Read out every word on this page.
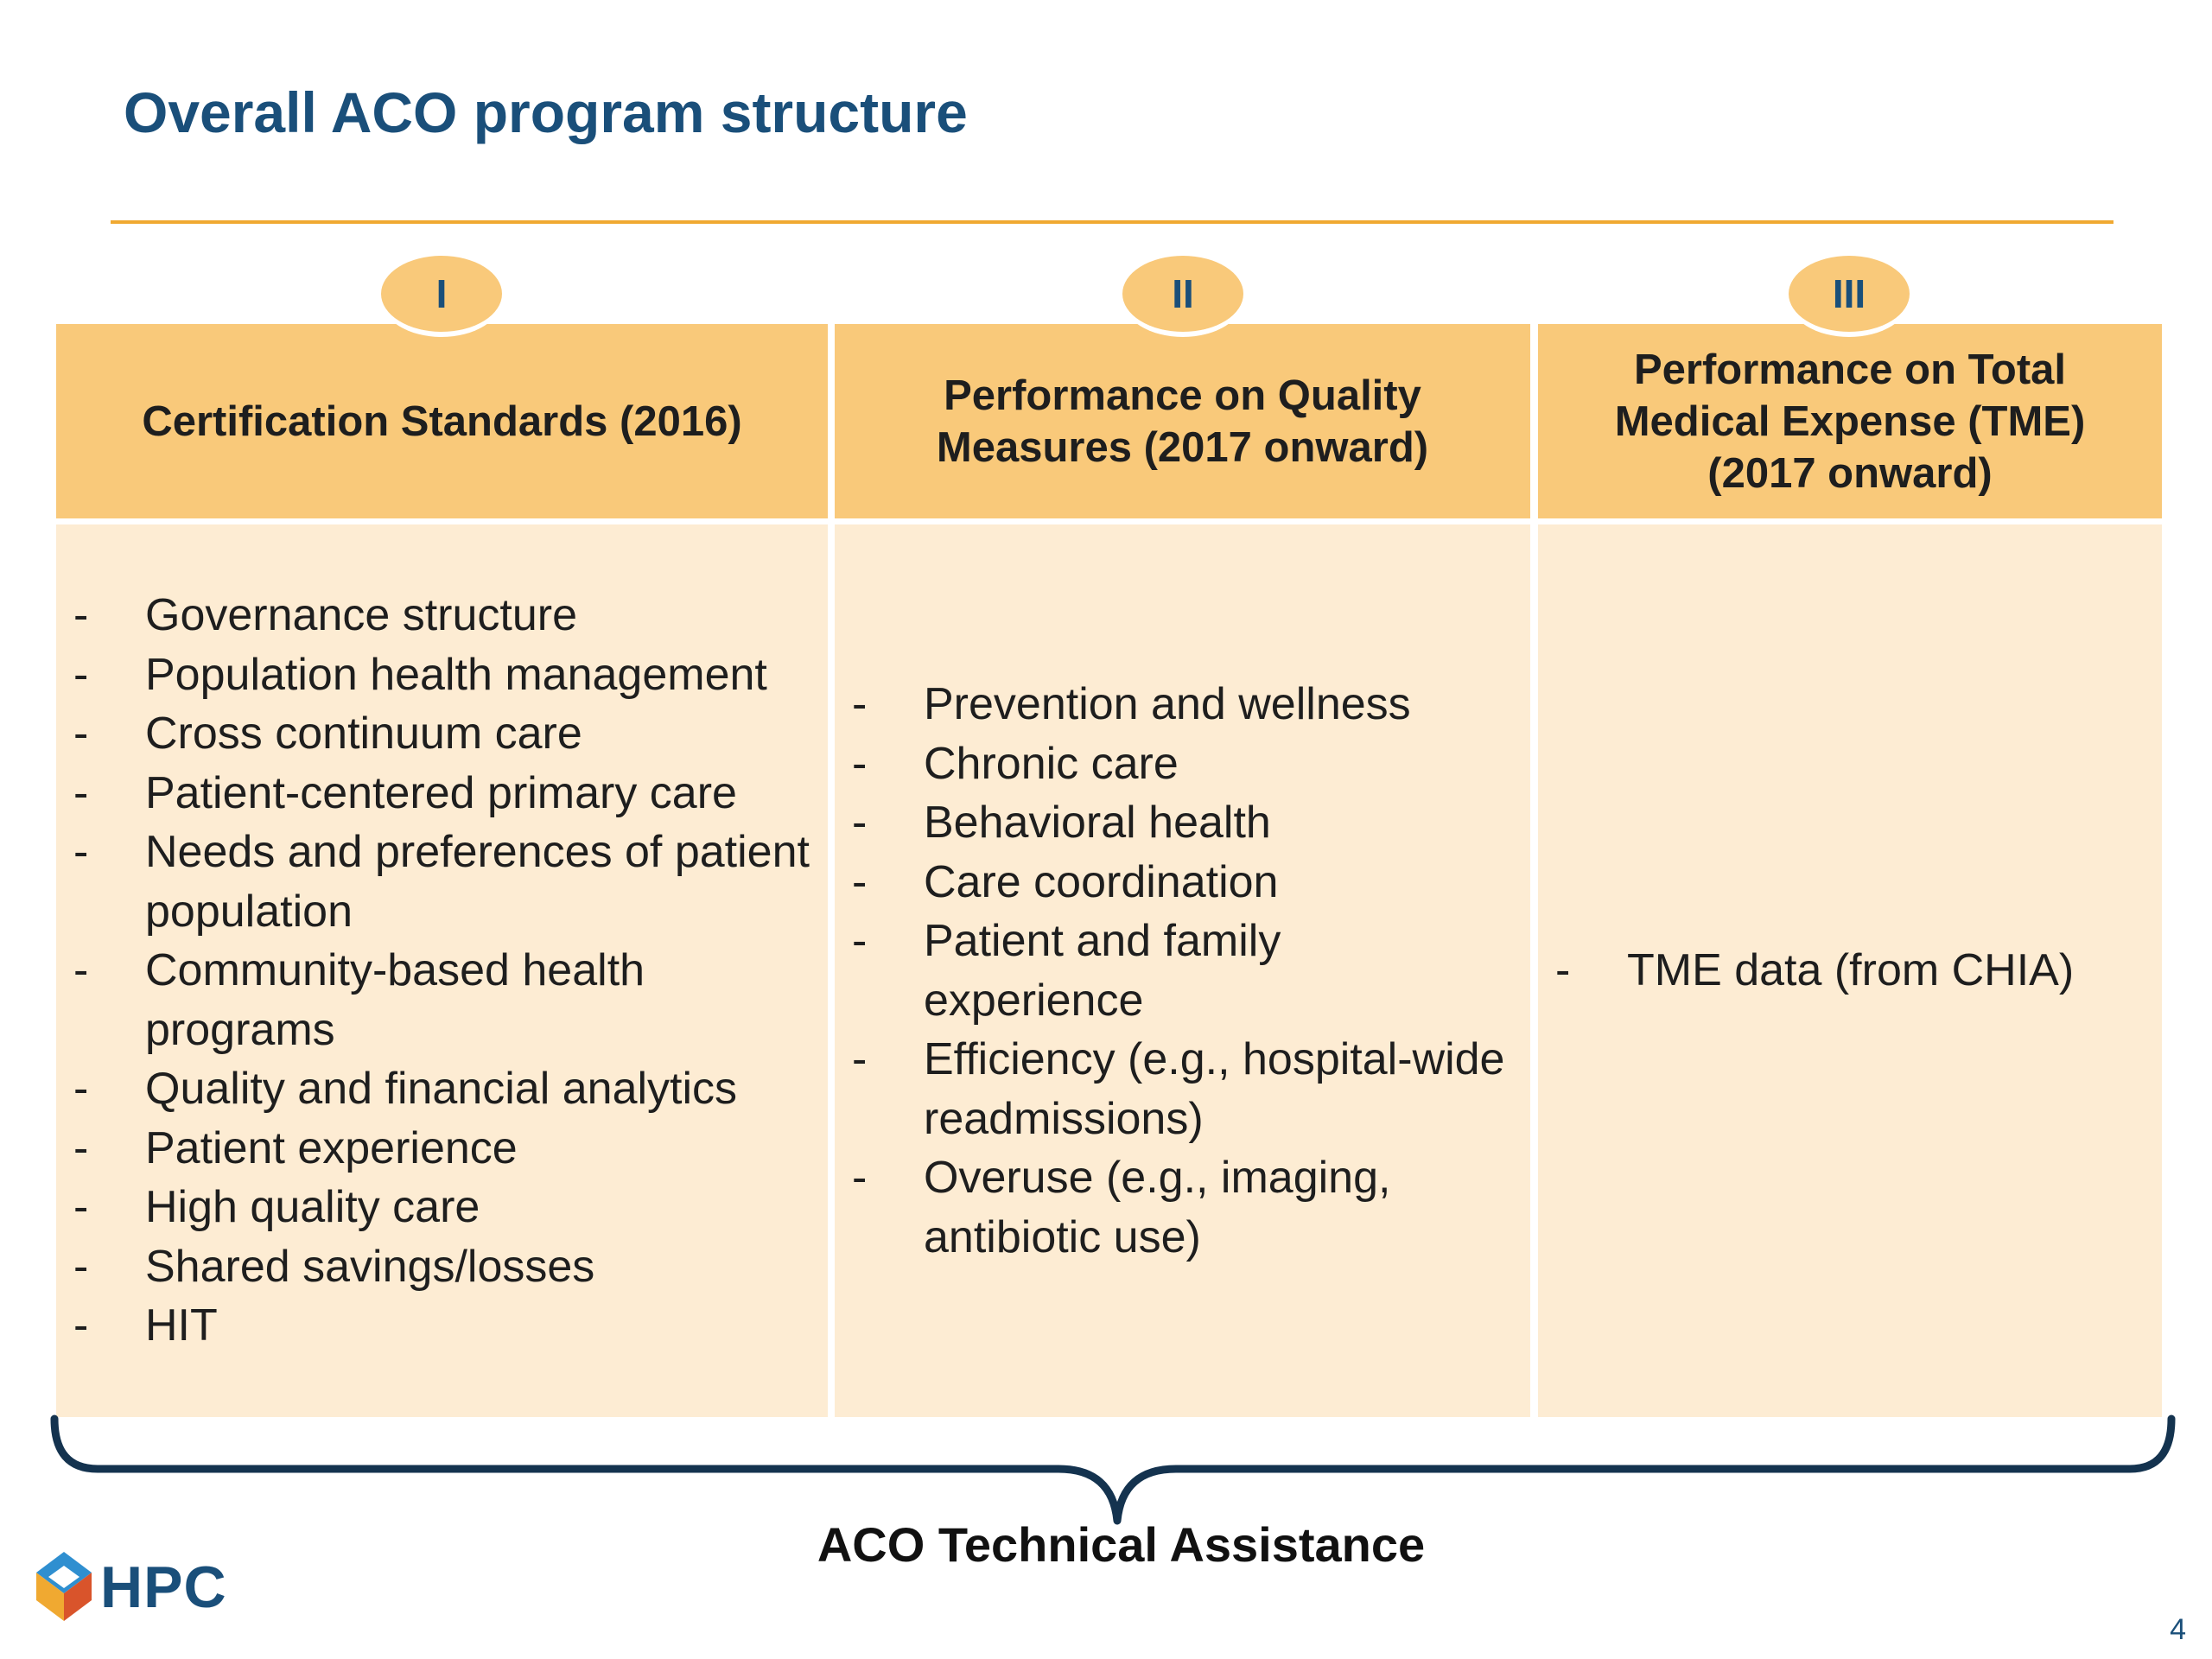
Overall ACO program structure
I
Certification Standards (2016)
- Governance structure
- Population health management
- Cross continuum care
- Patient-centered primary care
- Needs and preferences of patient population
- Community-based health programs
- Quality and financial analytics
- Patient experience
- High quality care
- Shared savings/losses
- HIT
II
Performance on Quality Measures (2017 onward)
- Prevention and wellness
- Chronic care
- Behavioral health
- Care coordination
- Patient and family experience
- Efficiency (e.g., hospital-wide readmissions)
- Overuse (e.g., imaging, antibiotic use)
III
Performance on Total Medical Expense (TME) (2017 onward)
- TME data (from CHIA)
ACO Technical Assistance
HPC
4
